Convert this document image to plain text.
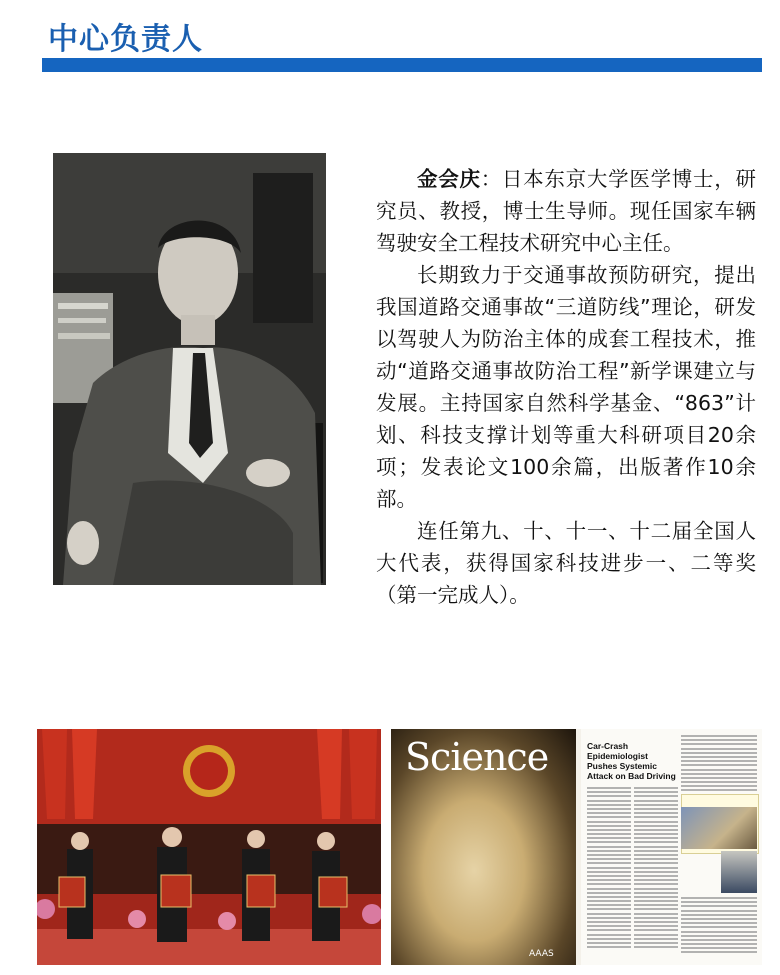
中心负责人

金会庆：日本东京大学医学博士，研究员、教授，博士生导师。现任国家车辆驾驶安全工程技术研究中心主任。

长期致力于交通事故预防研究，提出我国道路交通事故“三道防线”理论，研发以驾驶人为防治主体的成套工程技术，推动“道路交通事故防治工程”新学课建立与发展。主持国家自然科学基金、“863”计划、科技支撑计划等重大科研项目20余项；发表论文100余篇，出版著作10余部。

连任第九、十、十一、十二届全国人大代表，获得国家科技进步一、二等奖（第一完成人）。

Science
AAAS
Car-Crash Epidemiologist Pushes Systemic Attack on Bad Driving
